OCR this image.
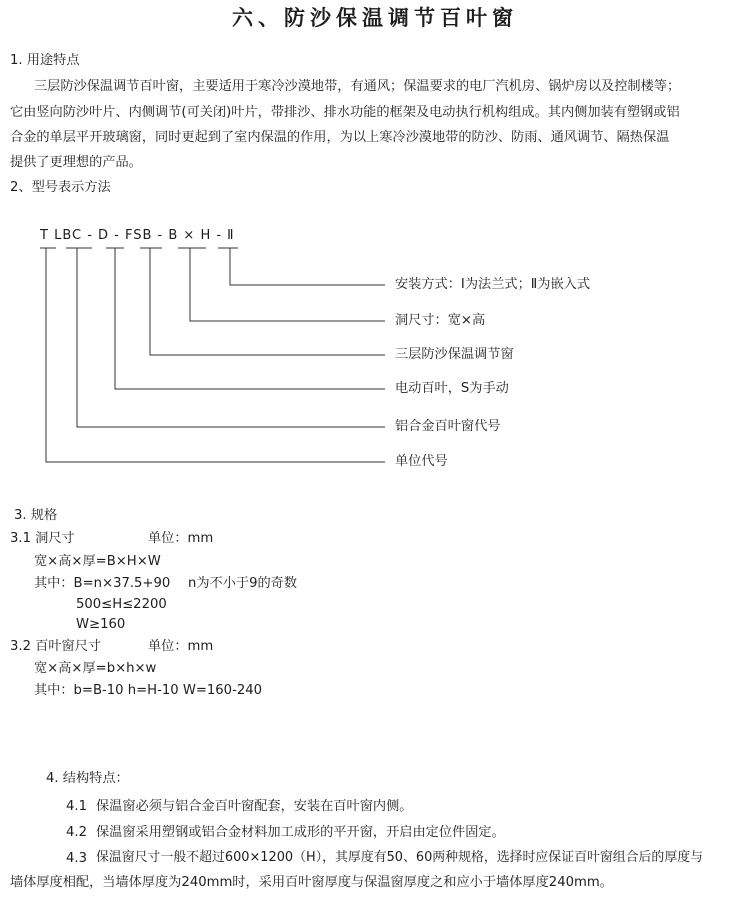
六、防沙保温调节百叶窗
1. 用途特点
三层防沙保温调节百叶窗，主要适用于寒冷沙漠地带，有通风；保温要求的电厂汽机房、锅炉房以及控制楼等；
它由竖向防沙叶片、内侧调节(可关闭)叶片，带排沙、排水功能的框架及电动执行机构组成。其内侧加装有塑钢或铝
合金的单层平开玻璃窗，同时更起到了室内保温的作用，为以上寒冷沙漠地带的防沙、防雨、通风调节、隔热保温
提供了更理想的产品。
2、型号表示方法
T LBC - D - FSB - B × H - Ⅱ
安装方式：Ⅰ为法兰式；Ⅱ为嵌入式
洞尺寸：宽×高
三层防沙保温调节窗
电动百叶，S为手动
铝合金百叶窗代号
单位代号
3. 规格
3.1 洞尺寸	单位：mm
宽×高×厚=B×H×W
其中：B=n×37.5+90 n为不小于9的奇数
500≤H≤2200
W≥160
3.2 百叶窗尺寸	单位：mm
宽×高×厚=b×h×w
其中：b=B-10 h=H-10 W=160-240
4. 结构特点：
4.1 保温窗必须与铝合金百叶窗配套，安装在百叶窗内侧。
4.2 保温窗采用塑钢或铝合金材料加工成形的平开窗，开启由定位件固定。
4.3 保温窗尺寸一般不超过600×1200（H），其厚度有50、60两种规格，选择时应保证百叶窗组合后的厚度与
墙体厚度相配，当墙体厚度为240mm时，采用百叶窗厚度与保温窗厚度之和应小于墙体厚度240mm。
